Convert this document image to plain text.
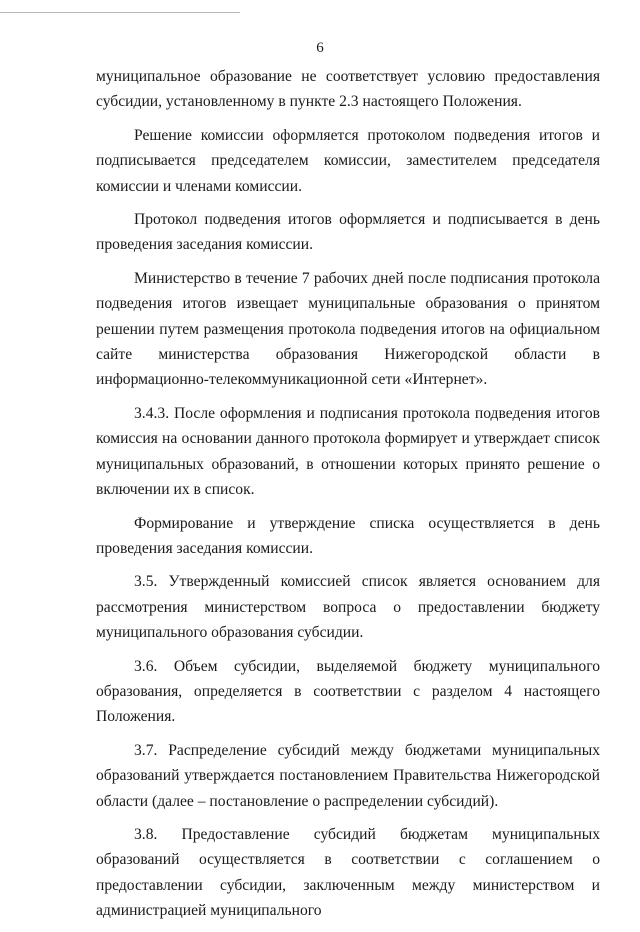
6

муниципальное образование не соответствует условию предоставления субсидии, установленному в пункте 2.3 настоящего Положения.

Решение комиссии оформляется протоколом подведения итогов и подписывается председателем комиссии, заместителем председателя комиссии и членами комиссии.

Протокол подведения итогов оформляется и подписывается в день проведения заседания комиссии.

Министерство в течение 7 рабочих дней после подписания протокола подведения итогов извещает муниципальные образования о принятом решении путем размещения протокола подведения итогов на официальном сайте министерства образования Нижегородской области в информационно-телекоммуникационной сети «Интернет».

3.4.3. После оформления и подписания протокола подведения итогов комиссия на основании данного протокола формирует и утверждает список муниципальных образований, в отношении которых принято решение о включении их в список.

Формирование и утверждение списка осуществляется в день проведения заседания комиссии.

3.5. Утвержденный комиссией список является основанием для рассмотрения министерством вопроса о предоставлении бюджету муниципального образования субсидии.

3.6. Объем субсидии, выделяемой бюджету муниципального образования, определяется в соответствии с разделом 4 настоящего Положения.

3.7. Распределение субсидий между бюджетами муниципальных образований утверждается постановлением Правительства Нижегородской области (далее – постановление о распределении субсидий).

3.8. Предоставление субсидий бюджетам муниципальных образований осуществляется в соответствии с соглашением о предоставлении субсидии, заключенным между министерством и администрацией муниципального
